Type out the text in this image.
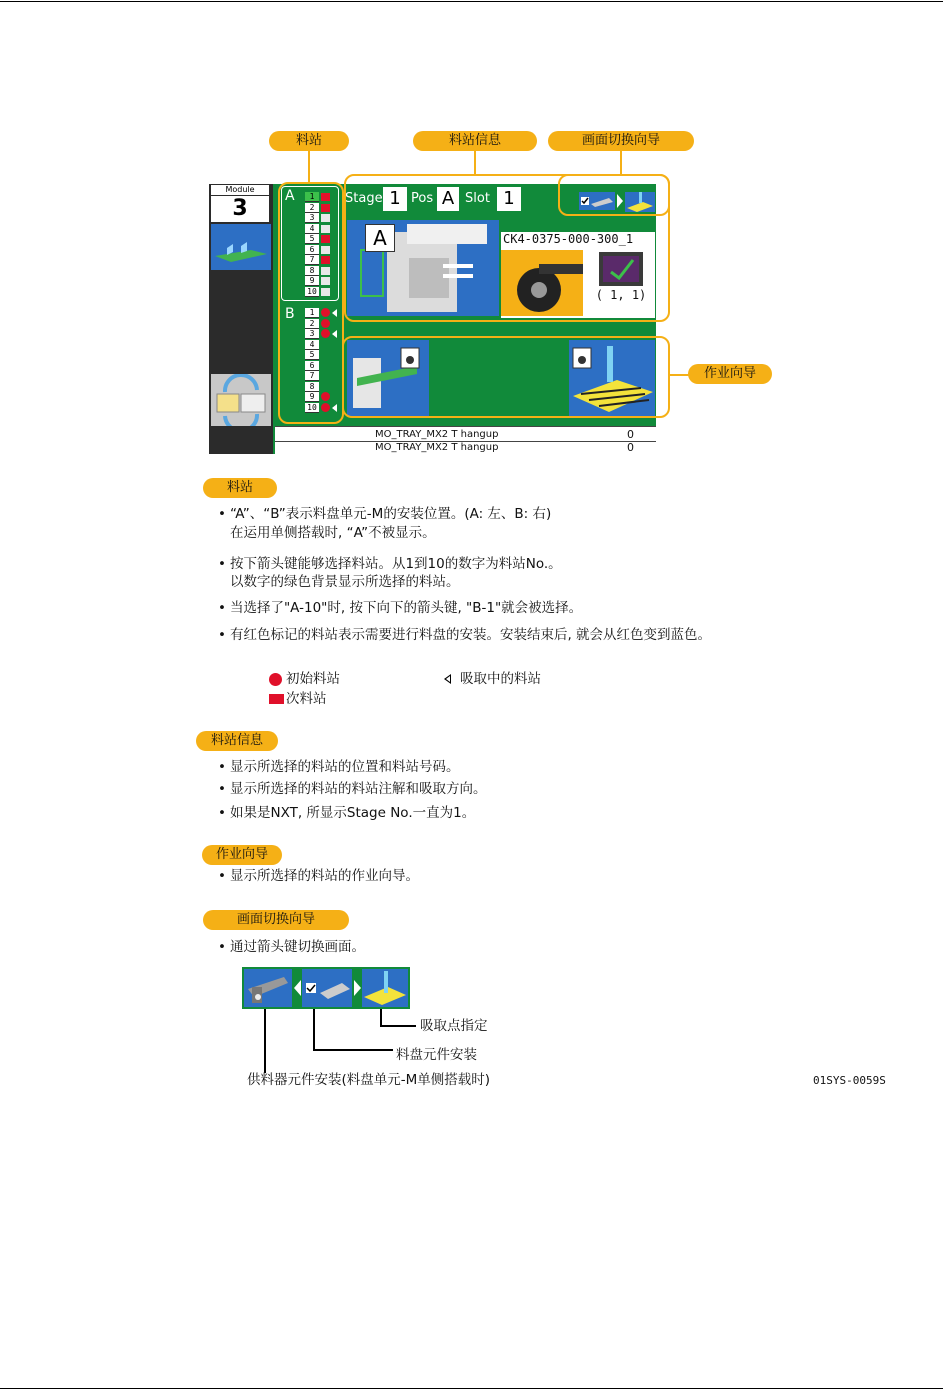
料站	料站信息	画面切换向导
作业向导
Module
3	A	1
2
3
4
5
6
7
8
9
10
B	1
2
3
4
5
6
7
8
9
10
Stage 1 Pos A Slot 1
A	CK4-0375-000-300_1
( 1, 1)
MO_TRAY_MX2 T hangup	0
MO_TRAY_MX2 T hangup	0
料站
• “A”、“B”表示料盘单元-M的安装位置。(A: 左、B: 右)
在运用单侧搭载时, “A”不被显示。
• 按下箭头键能够选择料站。从1到10的数字为料站No.。
以数字的绿色背景显示所选择的料站。
• 当选择了"A-10"时, 按下向下的箭头键, "B-1"就会被选择。
• 有红色标记的料站表示需要进行料盘的安装。安装结束后, 就会从红色变到蓝色。
初始料站
次料站
吸取中的料站
料站信息
• 显示所选择的料站的位置和料站号码。
• 显示所选择的料站的料站注解和吸取方向。
• 如果是NXT, 所显示Stage No.一直为1。
作业向导
• 显示所选择的料站的作业向导。
画面切换向导
• 通过箭头键切换画面。
吸取点指定
料盘元件安装
供料器元件安装(料盘单元-M单侧搭载时)	01SYS-0059S
